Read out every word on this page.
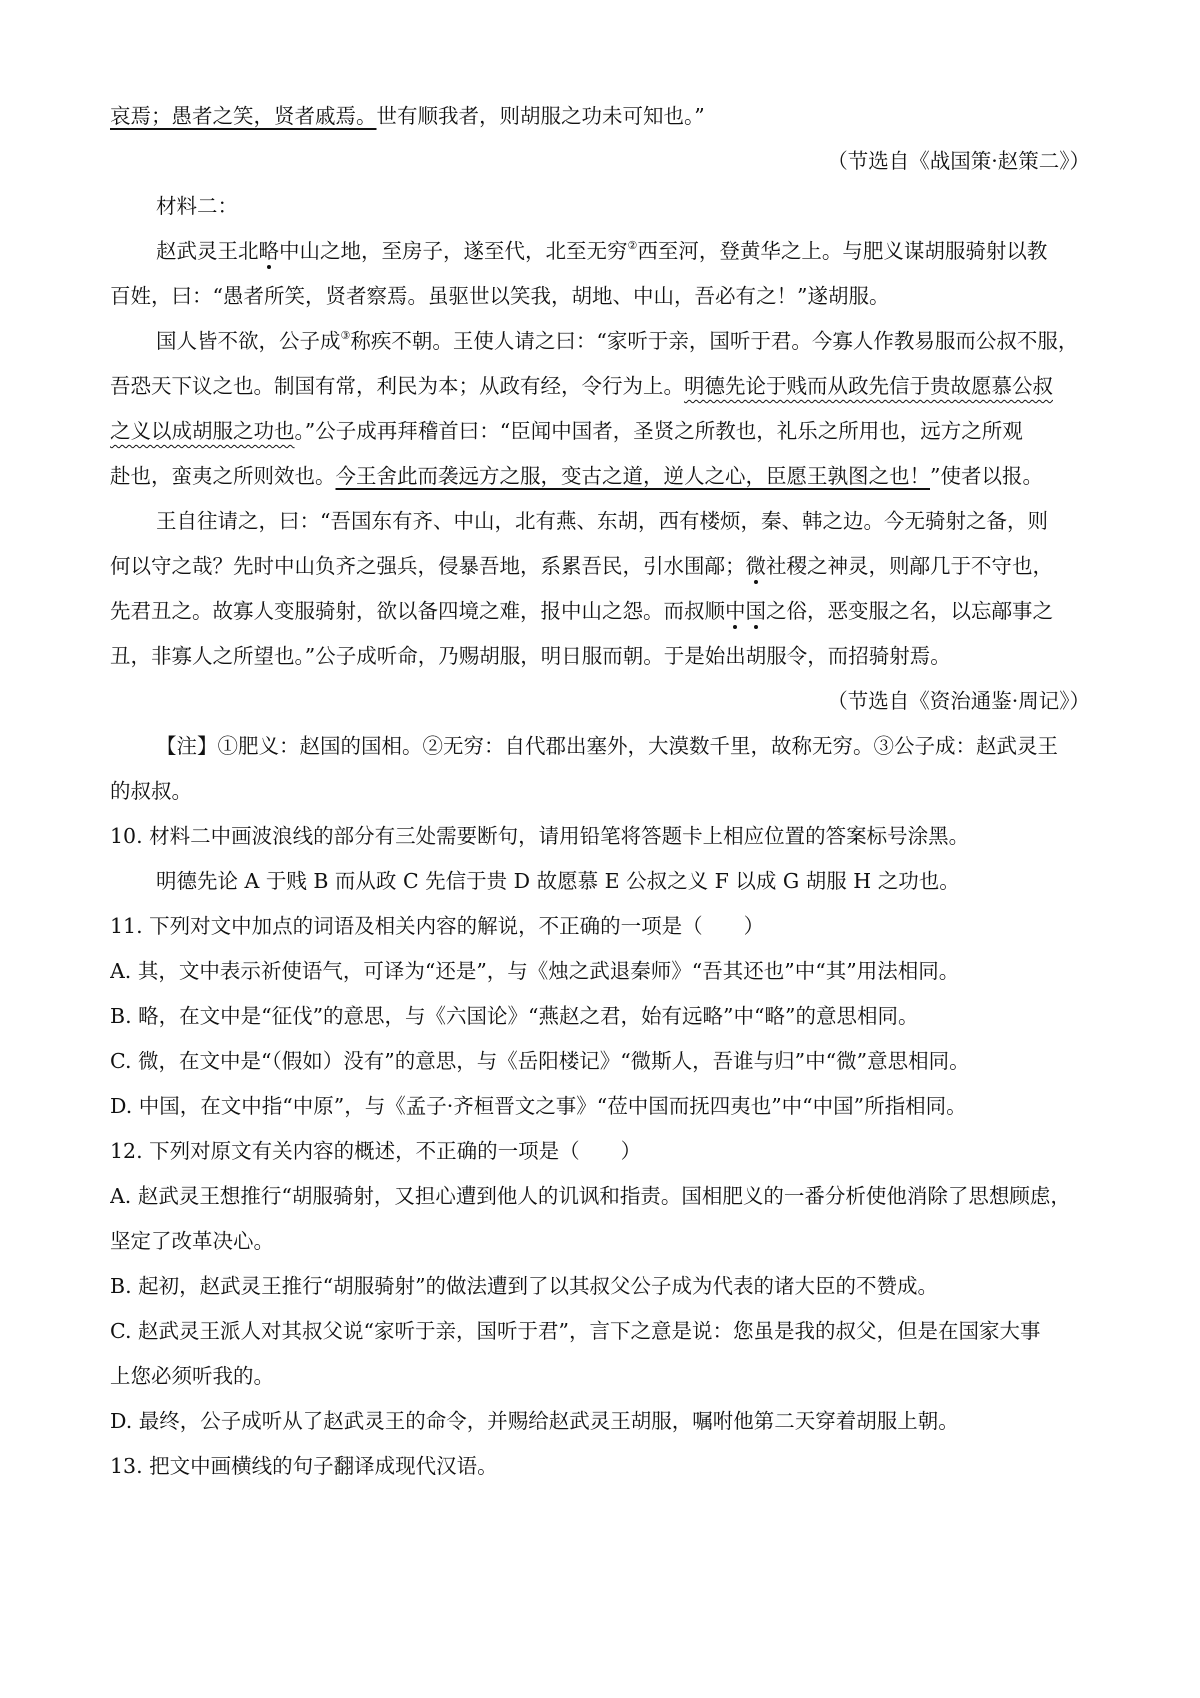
哀焉；愚者之笑，贤者戚焉。世有顺我者，则胡服之功未可知也。”
（节选自《战国策·赵策二》）
材料二：
赵武灵王北略中山之地，至房子，遂至代，北至无穷②西至河，登黄华之上。与肥义谋胡服骑射以教
百姓，曰：“愚者所笑，贤者察焉。虽驱世以笑我，胡地、中山，吾必有之！”遂胡服。
国人皆不欲，公子成③称疾不朝。王使人请之曰：“家听于亲，国听于君。今寡人作教易服而公叔不服，
吾恐天下议之也。制国有常，利民为本；从政有经，令行为上。明德先论于贱而从政先信于贵故愿慕公叔
之义以成胡服之功也。”公子成再拜稽首曰：“臣闻中国者，圣贤之所教也，礼乐之所用也，远方之所观
赴也，蛮夷之所则效也。今王舍此而袭远方之服，变古之道，逆人之心，臣愿王孰图之也！”使者以报。
王自往请之，曰：“吾国东有齐、中山，北有燕、东胡，西有楼烦，秦、韩之边。今无骑射之备，则
何以守之哉？先时中山负齐之强兵，侵暴吾地，系累吾民，引水围鄗；微社稷之神灵，则鄗几于不守也，
先君丑之。故寡人变服骑射，欲以备四境之难，报中山之怨。而叔顺中国之俗，恶变服之名，以忘鄗事之
丑，非寡人之所望也。”公子成听命，乃赐胡服，明日服而朝。于是始出胡服令，而招骑射焉。
（节选自《资治通鉴·周记》）
【注】①肥义：赵国的国相。②无穷：自代郡出塞外，大漠数千里，故称无穷。③公子成：赵武灵王
的叔叔。
10. 材料二中画波浪线的部分有三处需要断句，请用铅笔将答题卡上相应位置的答案标号涂黑。
明德先论 A 于贱 B 而从政 C 先信于贵 D 故愿慕 E 公叔之义 F 以成 G 胡服 H 之功也。
11. 下列对文中加点的词语及相关内容的解说，不正确的一项是（　　）
A. 其，文中表示祈使语气，可译为“还是”，与《烛之武退秦师》“吾其还也”中“其”用法相同。
B. 略，在文中是“征伐”的意思，与《六国论》“燕赵之君，始有远略”中“略”的意思相同。
C. 微，在文中是“（假如）没有”的意思，与《岳阳楼记》“微斯人，吾谁与归”中“微”意思相同。
D. 中国，在文中指“中原”，与《孟子·齐桓晋文之事》“莅中国而抚四夷也”中“中国”所指相同。
12. 下列对原文有关内容的概述，不正确的一项是（　　）
A. 赵武灵王想推行“胡服骑射，又担心遭到他人的讥讽和指责。国相肥义的一番分析使他消除了思想顾虑，
坚定了改革决心。
B. 起初，赵武灵王推行“胡服骑射”的做法遭到了以其叔父公子成为代表的诸大臣的不赞成。
C. 赵武灵王派人对其叔父说“家听于亲，国听于君”，言下之意是说：您虽是我的叔父，但是在国家大事
上您必须听我的。
D. 最终，公子成听从了赵武灵王的命令，并赐给赵武灵王胡服，嘱咐他第二天穿着胡服上朝。
13. 把文中画横线的句子翻译成现代汉语。
